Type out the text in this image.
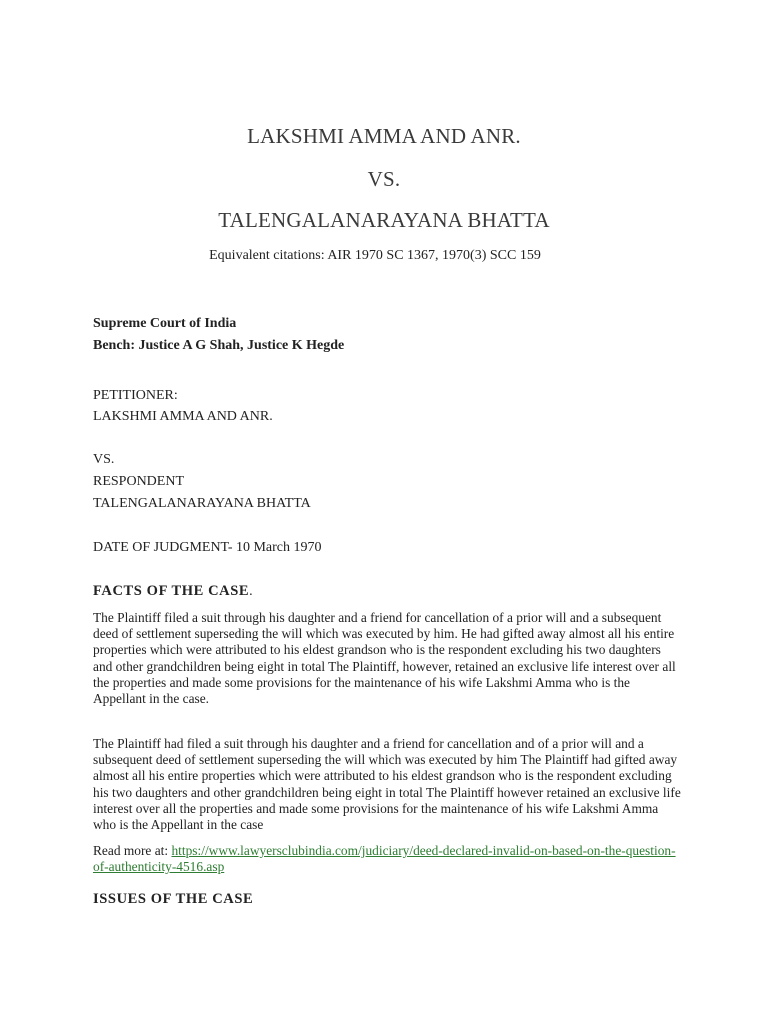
LAKSHMI AMMA AND ANR.
VS.
TALENGALANARAYANA BHATTA
Equivalent citations: AIR 1970 SC 1367, 1970(3) SCC 159
Supreme Court of India
Bench: Justice A G Shah, Justice K Hegde
PETITIONER:
LAKSHMI AMMA AND ANR.
VS.
RESPONDENT
TALENGALANARAYANA BHATTA
DATE OF JUDGMENT- 10 March 1970
FACTS OF THE CASE.
The Plaintiff filed a suit through his daughter and a friend for cancellation of a prior will and a subsequent deed of settlement superseding the will which was executed by him. He had gifted away almost all his entire properties which were attributed to his eldest grandson who is the respondent excluding his two daughters and other grandchildren being eight in total The Plaintiff, however, retained an exclusive life interest over all the properties and made some provisions for the maintenance of his wife Lakshmi Amma who is the Appellant in the case.
The Plaintiff had filed a suit through his daughter and a friend for cancellation and of a prior will and a subsequent deed of settlement superseding the will which was executed by him The Plaintiff had gifted away almost all his entire properties which were attributed to his eldest grandson who is the respondent excluding his two daughters and other grandchildren being eight in total The Plaintiff however retained an exclusive life interest over all the properties and made some provisions for the maintenance of his wife Lakshmi Amma who is the Appellant in the case
Read more at: https://www.lawyersclubindia.com/judiciary/deed-declared-invalid-on-based-on-the-question-of-authenticity-4516.asp
ISSUES OF THE CASE
